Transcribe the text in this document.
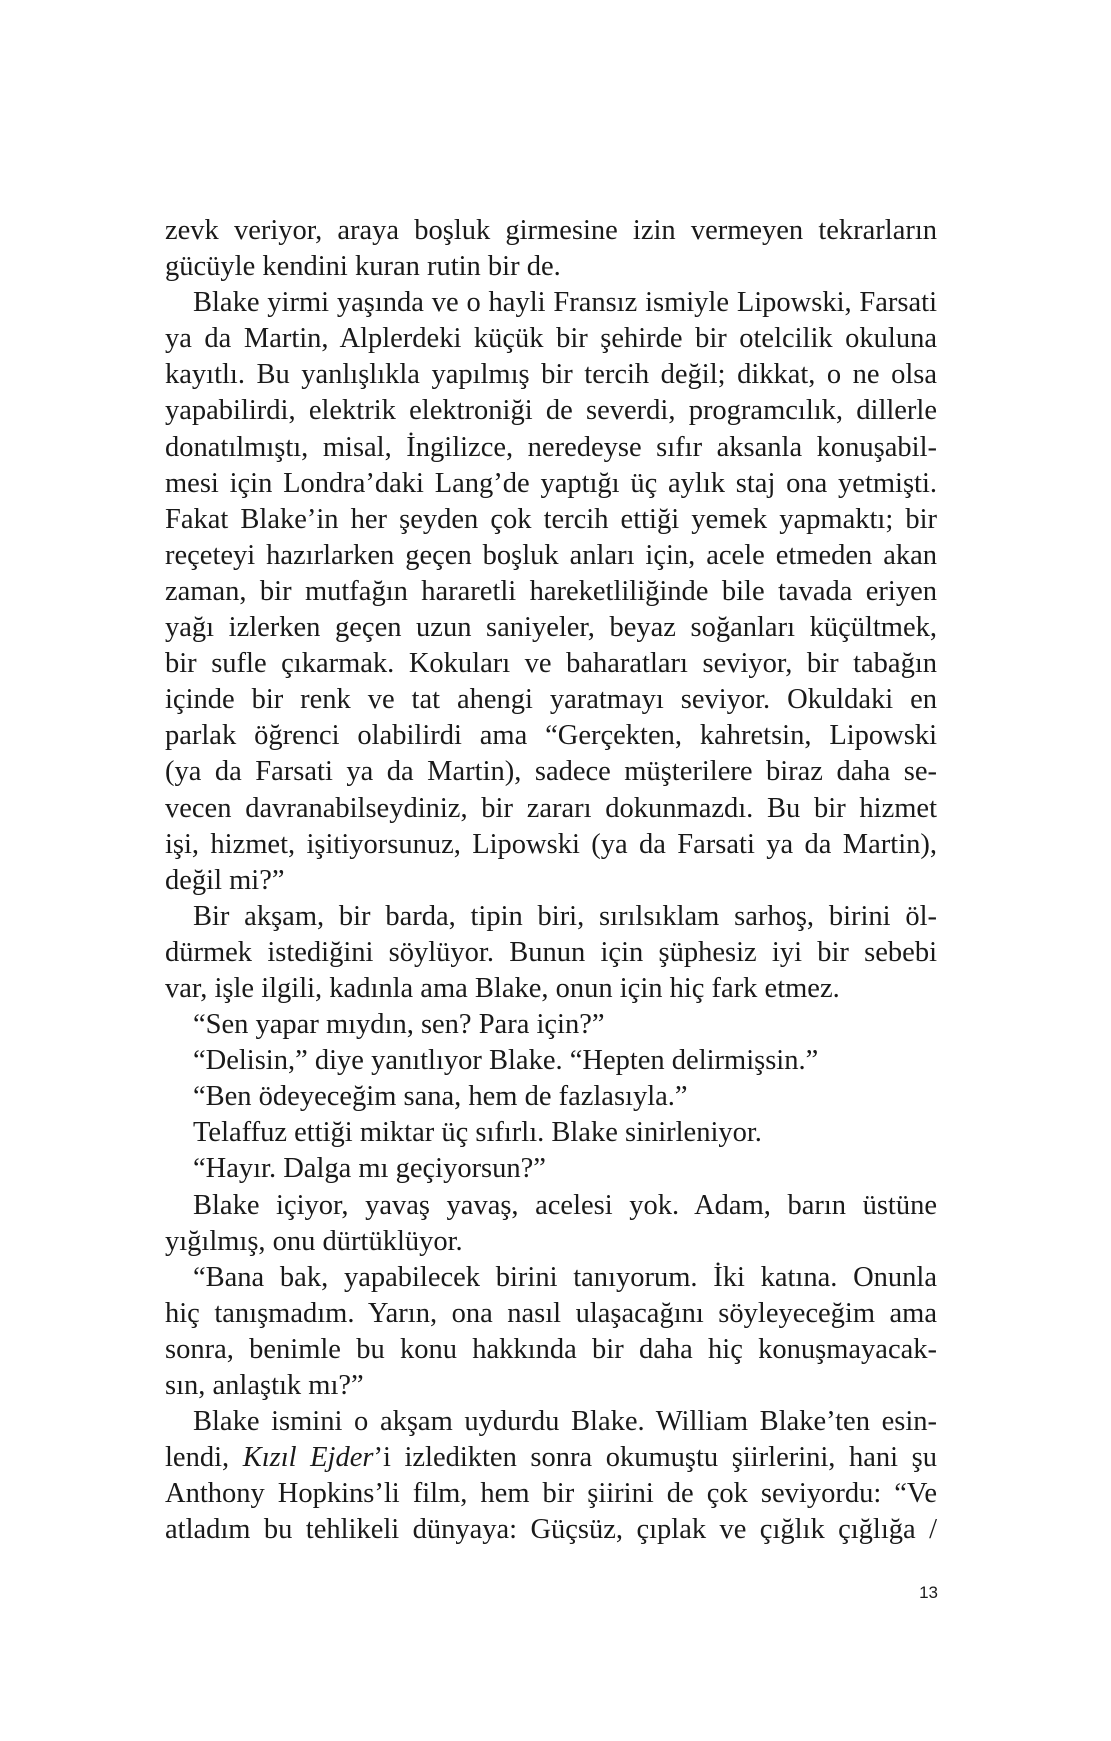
zevk veriyor, araya boşluk girmesine izin vermeyen tekrarların
gücüyle kendini kuran rutin bir de.
Blake yirmi yaşında ve o hayli Fransız ismiyle Lipowski, Farsati
ya da Martin, Alplerdeki küçük bir şehirde bir otelcilik okuluna
kayıtlı. Bu yanlışlıkla yapılmış bir tercih değil; dikkat, o ne olsa
yapabilirdi, elektrik elektroniği de severdi, programcılık, dillerle
donatılmıştı, misal, İngilizce, neredeyse sıfır aksanla konuşabil-
mesi için Londra’daki Lang’de yaptığı üç aylık staj ona yetmişti.
Fakat Blake’in her şeyden çok tercih ettiği yemek yapmaktı; bir
reçeteyi hazırlarken geçen boşluk anları için, acele etmeden akan
zaman, bir mutfağın hararetli hareketliliğinde bile tavada eriyen
yağı izlerken geçen uzun saniyeler, beyaz soğanları küçültmek,
bir sufle çıkarmak. Kokuları ve baharatları seviyor, bir tabağın
içinde bir renk ve tat ahengi yaratmayı seviyor. Okuldaki en
parlak öğrenci olabilirdi ama “Gerçekten, kahretsin, Lipowski
(ya da Farsati ya da Martin), sadece müşterilere biraz daha se-
vecen davranabilseydiniz, bir zararı dokunmazdı. Bu bir hizmet
işi, hizmet, işitiyorsunuz, Lipowski (ya da Farsati ya da Martin),
değil mi?”
Bir akşam, bir barda, tipin biri, sırılsıklam sarhoş, birini öl-
dürmek istediğini söylüyor. Bunun için şüphesiz iyi bir sebebi
var, işle ilgili, kadınla ama Blake, onun için hiç fark etmez.
“Sen yapar mıydın, sen? Para için?”
“Delisin,” diye yanıtlıyor Blake. “Hepten delirmişsin.”
“Ben ödeyeceğim sana, hem de fazlasıyla.”
Telaffuz ettiği miktar üç sıfırlı. Blake sinirleniyor.
“Hayır. Dalga mı geçiyorsun?”
Blake içiyor, yavaş yavaş, acelesi yok. Adam, barın üstüne
yığılmış, onu dürtüklüyor.
“Bana bak, yapabilecek birini tanıyorum. İki katına. Onunla
hiç tanışmadım. Yarın, ona nasıl ulaşacağını söyleyeceğim ama
sonra, benimle bu konu hakkında bir daha hiç konuşmayacak-
sın, anlaştık mı?”
Blake ismini o akşam uydurdu Blake. William Blake’ten esin-
lendi, Kızıl Ejder’i izledikten sonra okumuştu şiirlerini, hani şu
Anthony Hopkins’li film, hem bir şiirini de çok seviyordu: “Ve
atladım bu tehlikeli dünyaya: Güçsüz, çıplak ve çığlık çığlığa /
13
